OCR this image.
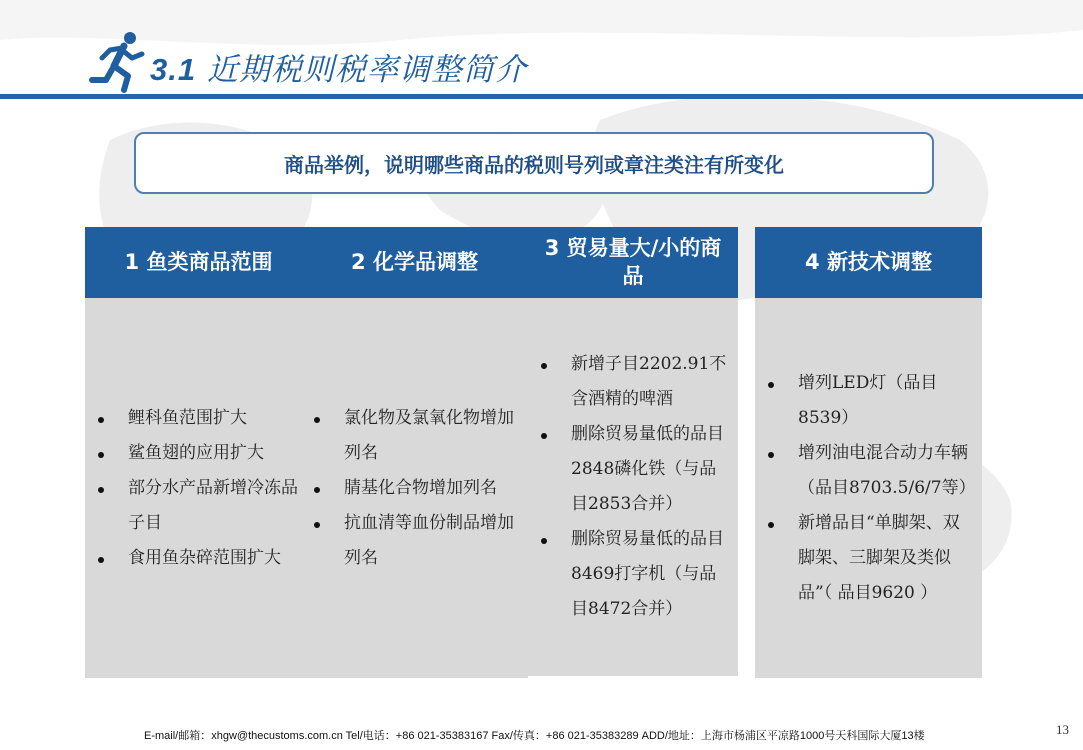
3.1 近期税则税率调整简介
商品举例，说明哪些商品的税则号列或章注类注有所变化
1 鱼类商品范围
鲤科鱼范围扩大
鲨鱼翅的应用扩大
部分水产品新增冷冻品子目
食用鱼杂碎范围扩大
2 化学品调整
氯化物及氯氧化物增加列名
腈基化合物增加列名
抗血清等血份制品增加列名
3 贸易量大/小的商品
新增子目2202.91不含酒精的啤酒
删除贸易量低的品目2848磷化铁（与品目2853合并）
删除贸易量低的品目8469打字机（与品目8472合并）
4 新技术调整
增列LED灯（品目8539）
增列油电混合动力车辆（品目8703.5/6/7等）
新增品目“单脚架、双脚架、三脚架及类似品”（ 品目9620 ）
E-mail/邮箱：xhgw@thecustoms.com.cn Tel/电话：+86 021-35383167 Fax/传真：+86 021-35383289 ADD/地址：上海市杨浦区平凉路1000号天科国际大厦13楼	13
